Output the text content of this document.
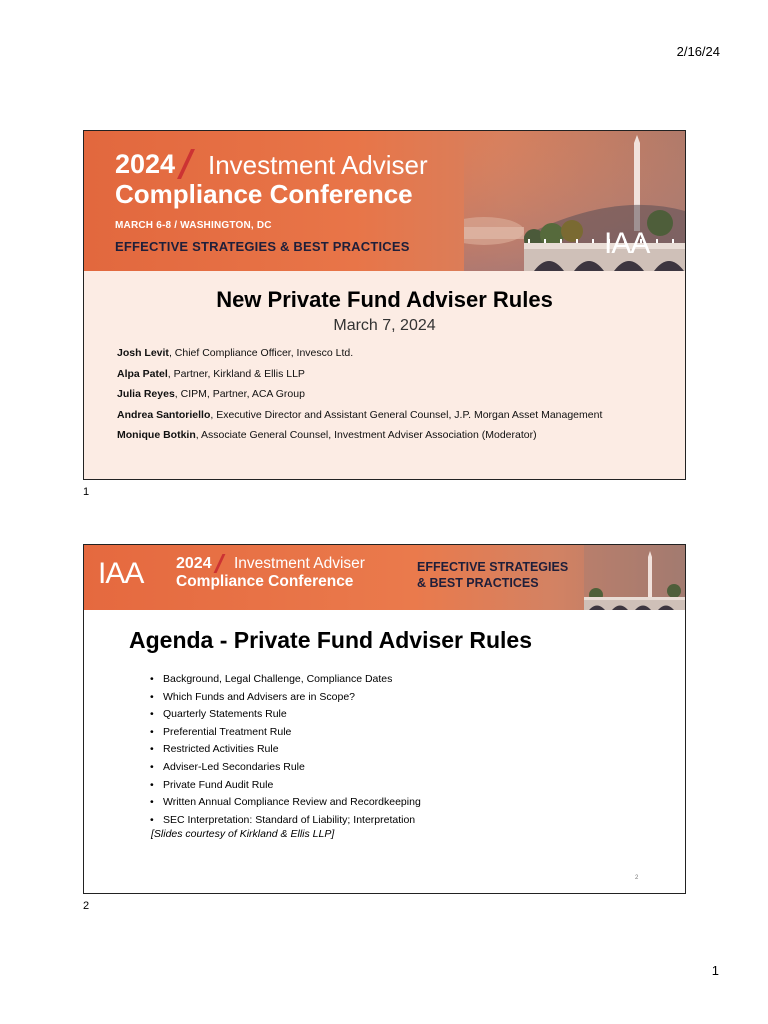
2/16/24
2024 Investment Adviser
Compliance Conference
MARCH 6-8 / WASHINGTON, DC
EFFECTIVE STRATEGIES & BEST PRACTICES	IAA
New Private Fund Adviser Rules
March 7, 2024
Josh Levit, Chief Compliance Officer, Invesco Ltd.
Alpa Patel, Partner, Kirkland & Ellis LLP
Julia Reyes, CIPM, Partner, ACA Group
Andrea Santoriello, Executive Director and Assistant General Counsel, J.P. Morgan Asset Management
Monique Botkin, Associate General Counsel, Investment Adviser Association (Moderator)
1
IAA 2024 Investment Adviser
Compliance Conference
EFFECTIVE STRATEGIES
& BEST PRACTICES
Agenda - Private Fund Adviser Rules
• Background, Legal Challenge, Compliance Dates
• Which Funds and Advisers are in Scope?
• Quarterly Statements Rule
• Preferential Treatment Rule
• Restricted Activities Rule
• Adviser-Led Secondaries Rule
• Private Fund Audit Rule
• Written Annual Compliance Review and Recordkeeping
• SEC Interpretation: Standard of Liability; Interpretation
[Slides courtesy of Kirkland & Ellis LLP]
2
2
1
